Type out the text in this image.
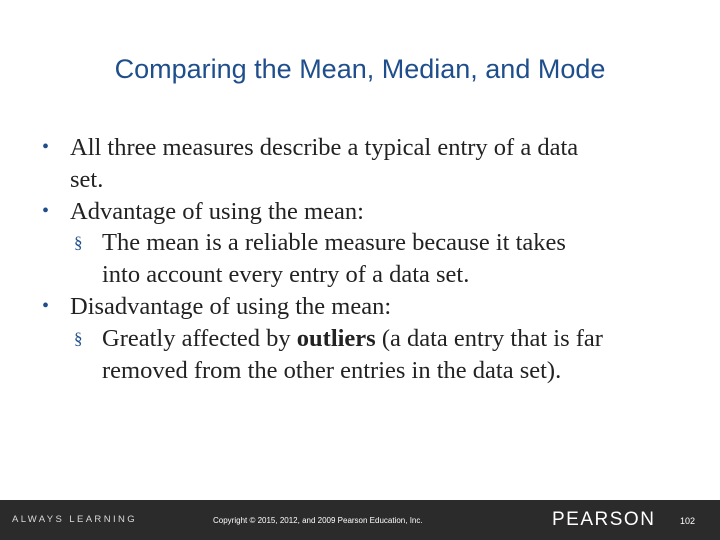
Comparing the Mean, Median, and Mode
• All three measures describe a typical entry of a data
set.
• Advantage of using the mean:
§ The mean is a reliable measure because it takes
into account every entry of a data set.
• Disadvantage of using the mean:
§ Greatly affected by outliers (a data entry that is far
removed from the other entries in the data set).
ALWAYS LEARNING	Copyright © 2015, 2012, and 2009 Pearson Education, Inc.	PEARSON	102
